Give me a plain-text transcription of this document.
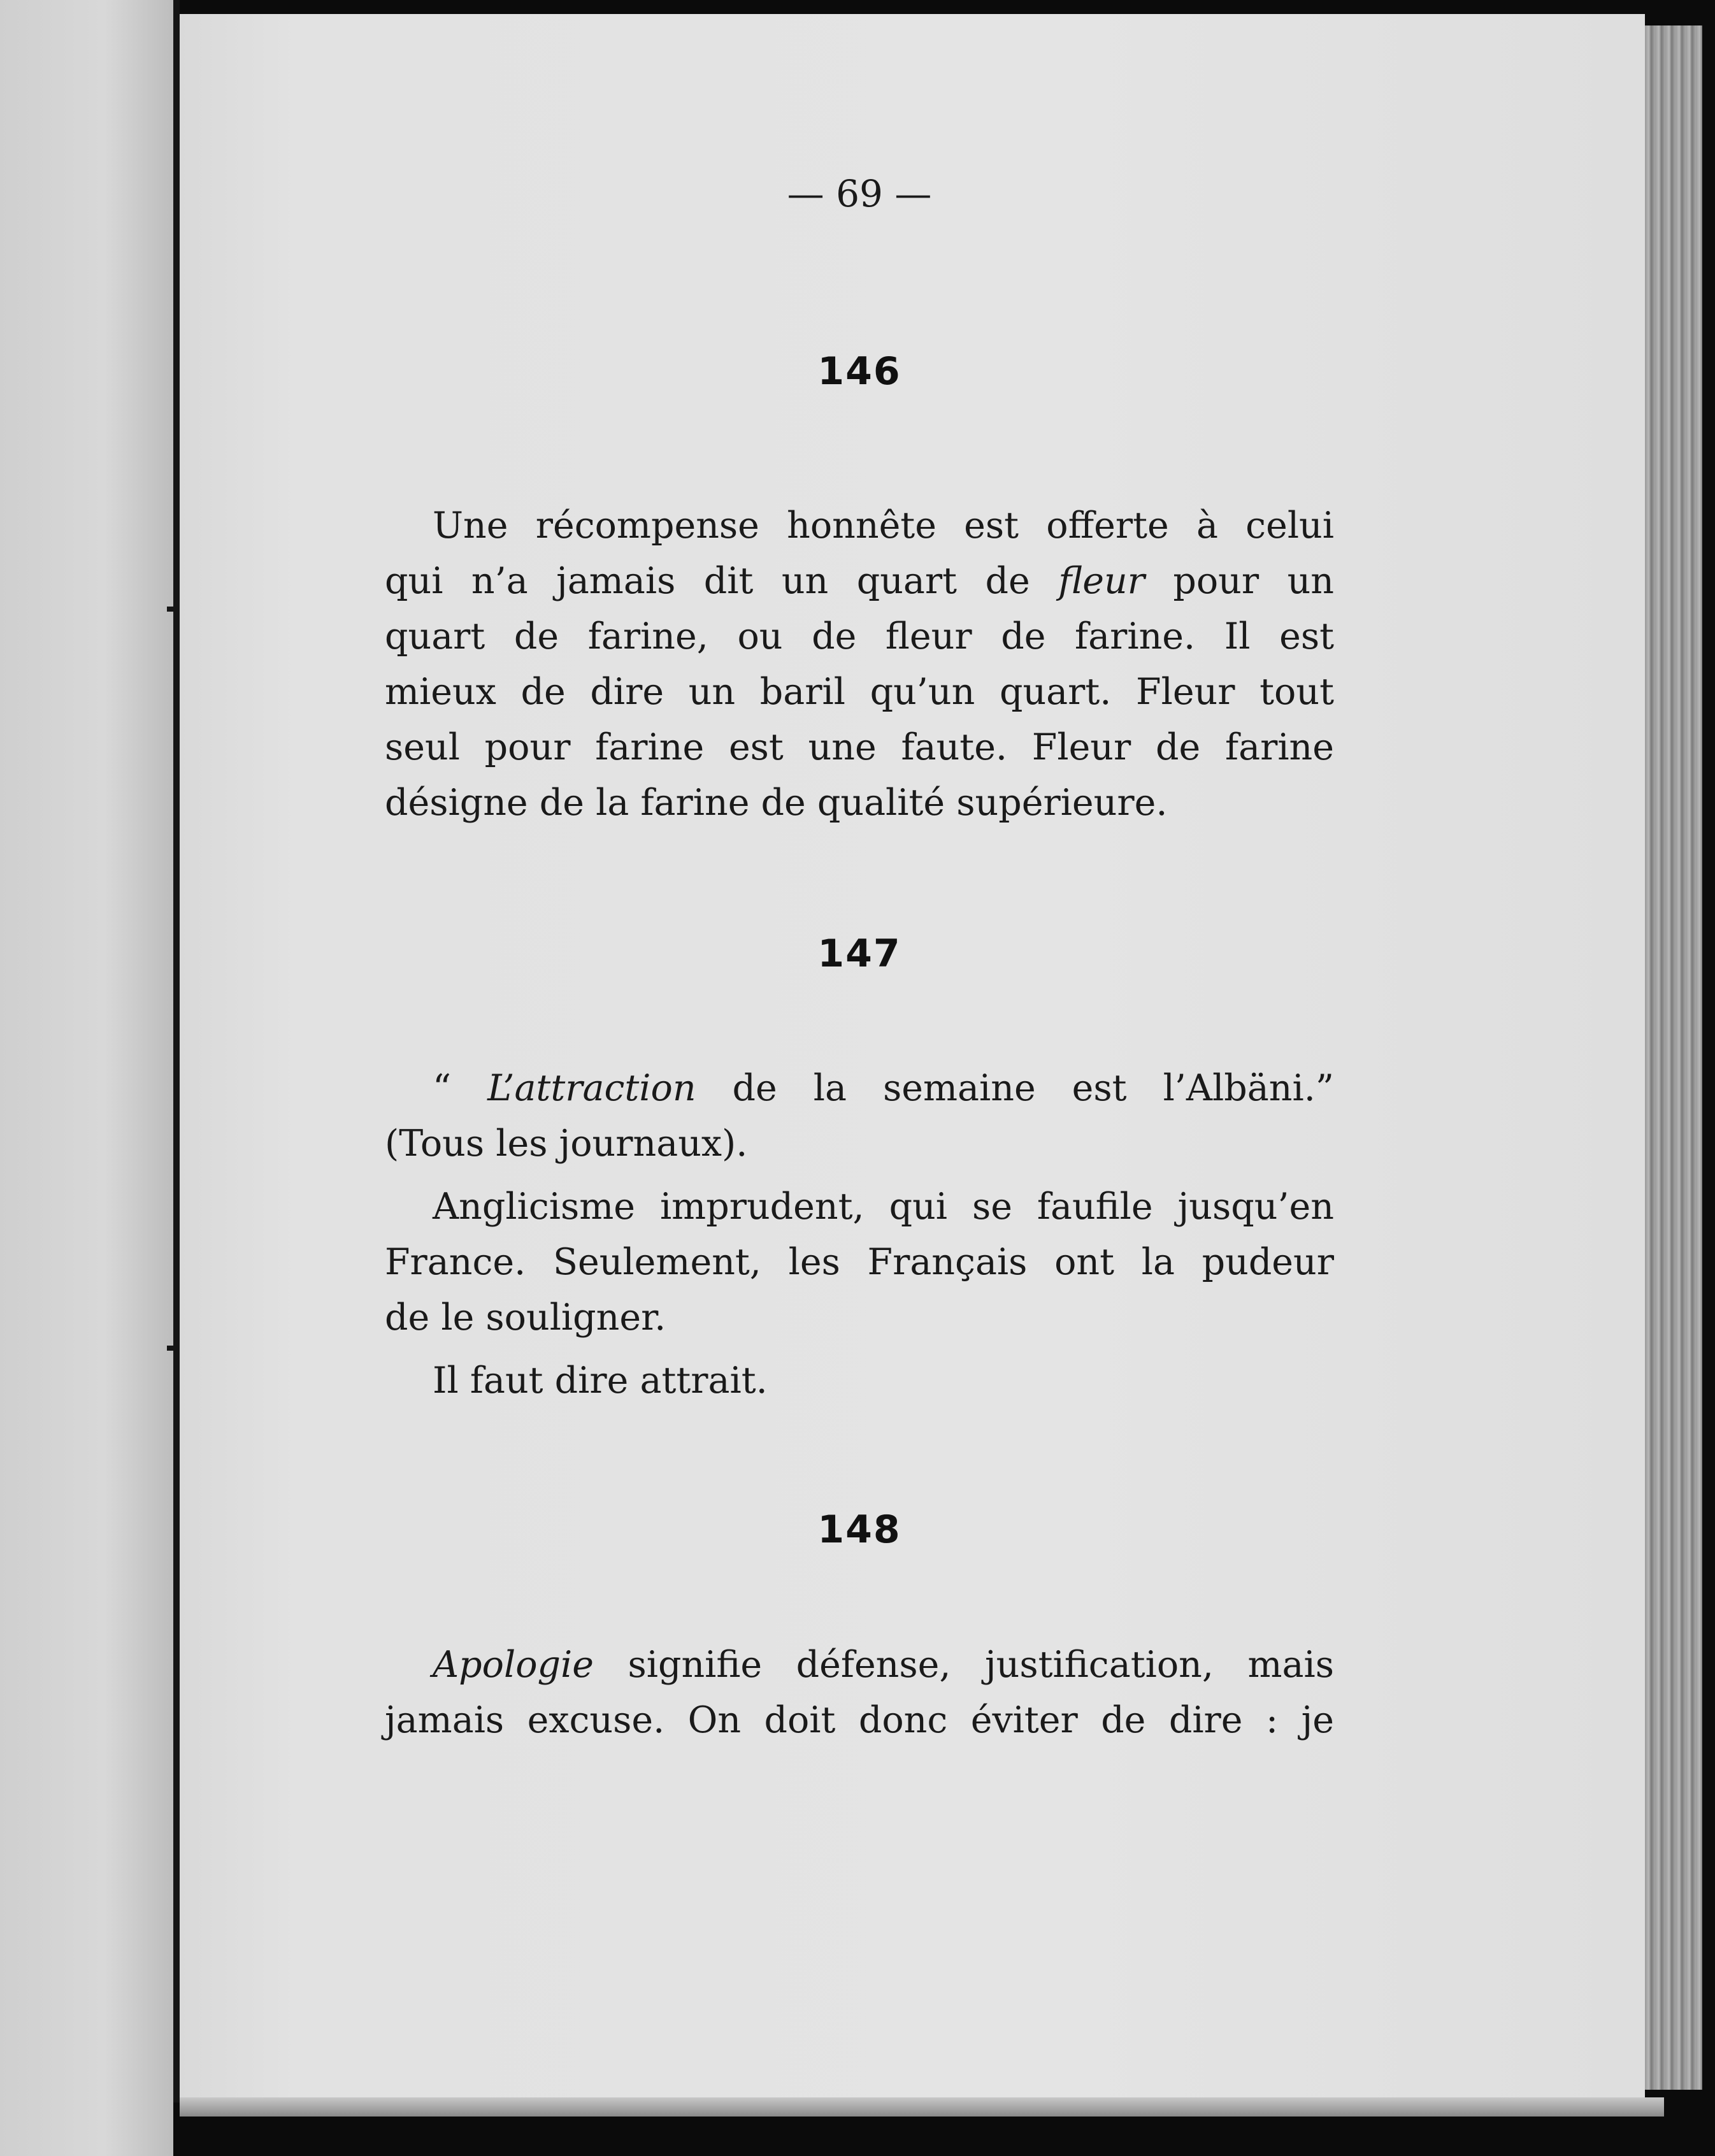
— 69 —
146

Une récompense honnête est offerte à celui
qui n’a jamais dit un quart de fleur pour un
quart de farine, ou de fleur de farine. Il est
mieux de dire un baril qu’un quart. Fleur tout
seul pour farine est une faute. Fleur de farine
désigne de la farine de qualité supérieure.

147

“ L’attraction de la semaine est l’Albäni.”
(Tous les journaux).

Anglicisme imprudent, qui se faufile jusqu’en
France. Seulement, les Français ont la pudeur
de le souligner.

Il faut dire attrait.

148

Apologie signifie défense, justification, mais
jamais excuse. On doit donc éviter de dire : je
